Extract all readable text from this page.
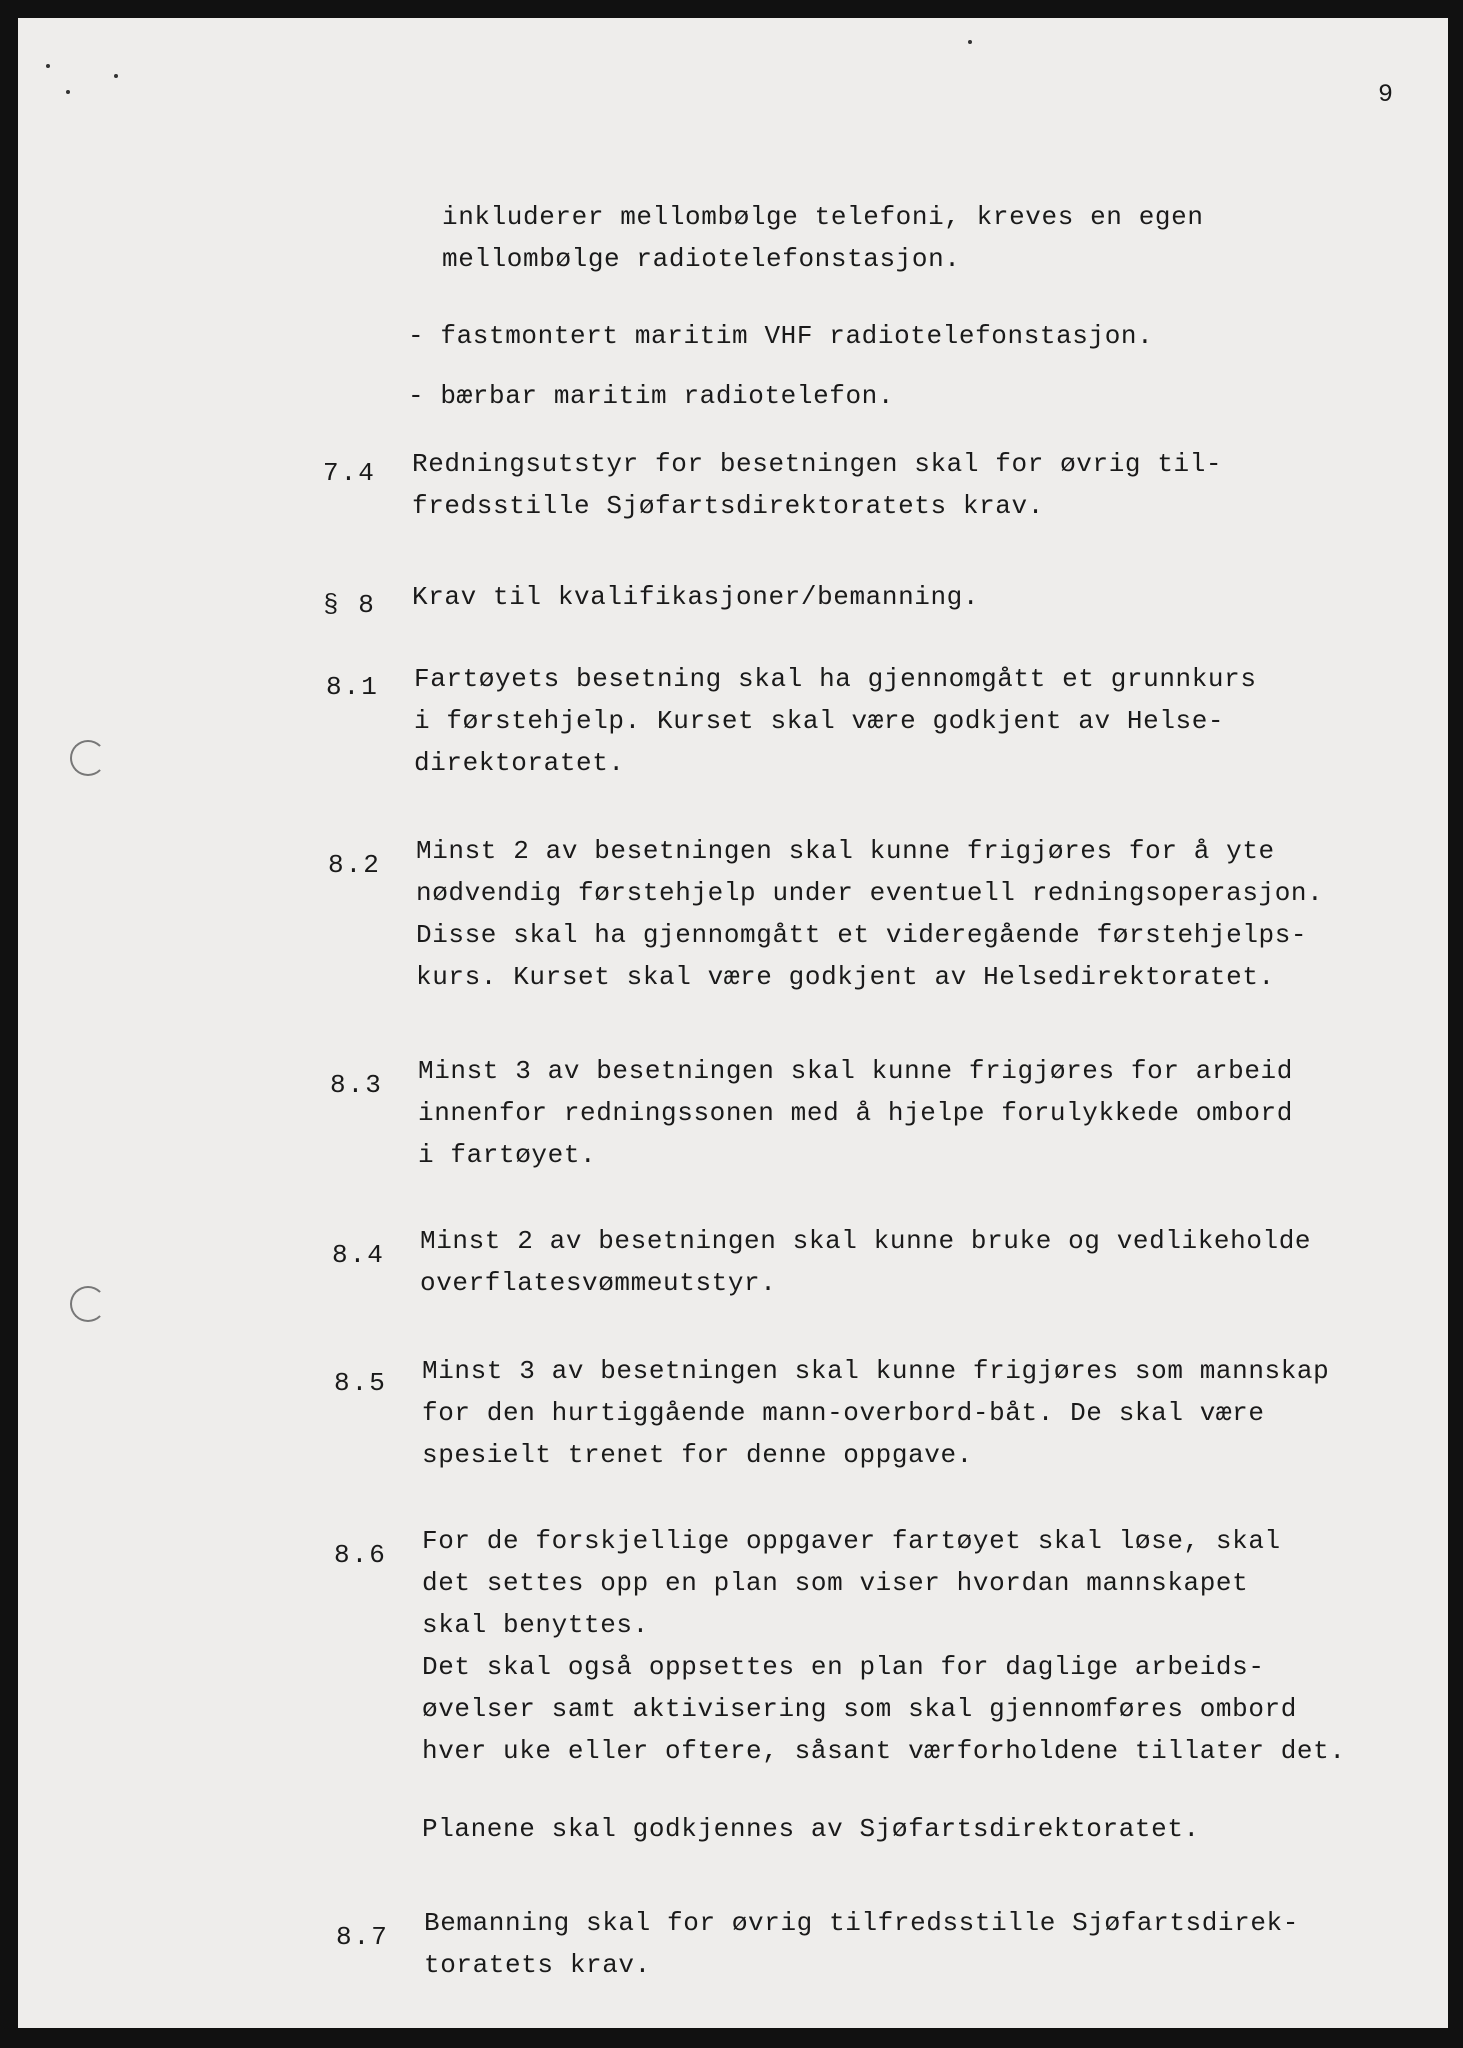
9
inkluderer mellombølge telefoni, kreves en egen
mellombølge radiotelefonstasjon.
- fastmontert maritim VHF radiotelefonstasjon.
- bærbar maritim radiotelefon.
7.4 Redningsutstyr for besetningen skal for øvrig til-
fredsstille Sjøfartsdirektoratets krav.
§ 8 Krav til kvalifikasjoner/bemanning.
8.1 Fartøyets besetning skal ha gjennomgått et grunnkurs
i førstehjelp. Kurset skal være godkjent av Helse-
direktoratet.
8.2 Minst 2 av besetningen skal kunne frigjøres for å yte
nødvendig førstehjelp under eventuell redningsoperasjon.
Disse skal ha gjennomgått et videregående førstehjelps-
kurs. Kurset skal være godkjent av Helsedirektoratet.
8.3 Minst 3 av besetningen skal kunne frigjøres for arbeid
innenfor redningssonen med å hjelpe forulykkede ombord
i fartøyet.
8.4 Minst 2 av besetningen skal kunne bruke og vedlikeholde
overflatesvømmeutstyr.
8.5 Minst 3 av besetningen skal kunne frigjøres som mannskap
for den hurtiggående mann-overbord-båt. De skal være
spesielt trenet for denne oppgave.
8.6 For de forskjellige oppgaver fartøyet skal løse, skal
det settes opp en plan som viser hvordan mannskapet
skal benyttes.
Det skal også oppsettes en plan for daglige arbeids-
øvelser samt aktivisering som skal gjennomføres ombord
hver uke eller oftere, såsant værforholdene tillater det.
Planene skal godkjennes av Sjøfartsdirektoratet.
8.7 Bemanning skal for øvrig tilfredsstille Sjøfartsdirek-
toratets krav.
